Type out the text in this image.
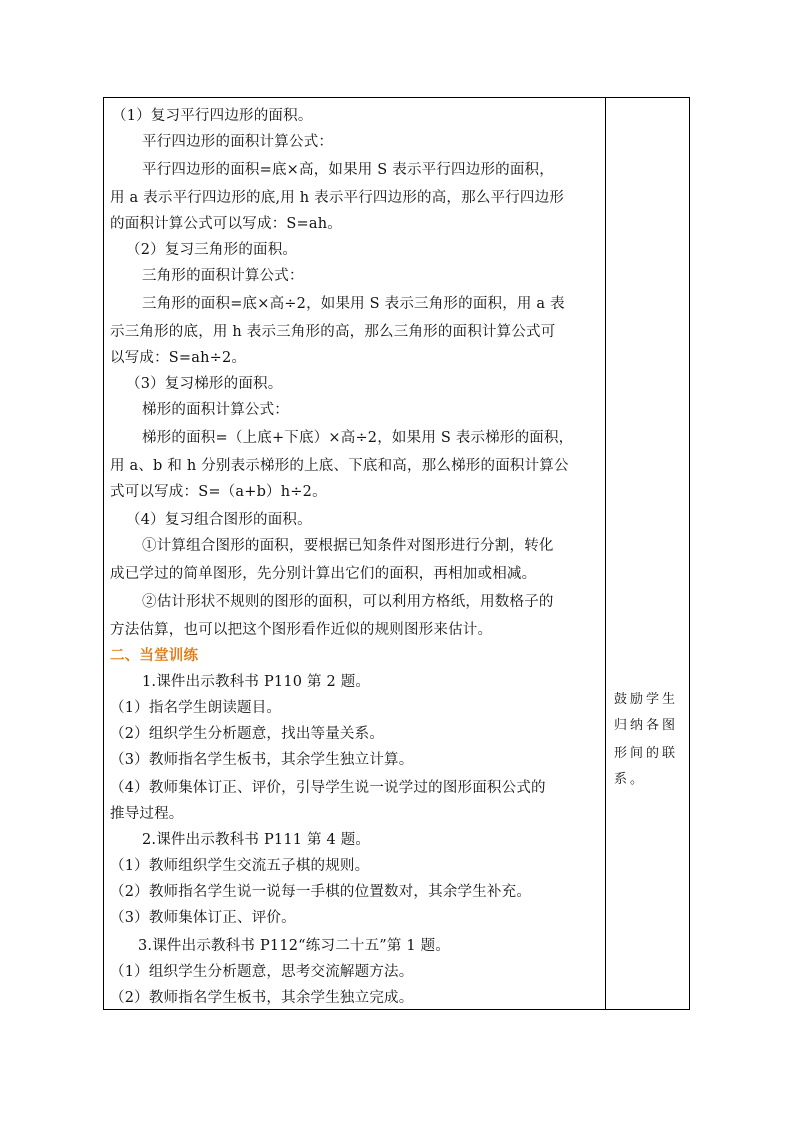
（1）复习平行四边形的面积。
平行四边形的面积计算公式：
平行四边形的面积=底×高，如果用 S 表示平行四边形的面积，
用 a 表示平行四边形的底,用 h 表示平行四边形的高，那么平行四边形
的面积计算公式可以写成：S=ah。
（2）复习三角形的面积。
三角形的面积计算公式：
三角形的面积=底×高÷2，如果用 S 表示三角形的面积，用 a 表
示三角形的底，用 h 表示三角形的高，那么三角形的面积计算公式可
以写成：S=ah÷2。
（3）复习梯形的面积。
梯形的面积计算公式：
梯形的面积=（上底+下底）×高÷2，如果用 S 表示梯形的面积，
用 a、b 和 h 分别表示梯形的上底、下底和高，那么梯形的面积计算公
式可以写成：S=（a+b）h÷2。
（4）复习组合图形的面积。
①计算组合图形的面积，要根据已知条件对图形进行分割，转化
成已学过的简单图形，先分别计算出它们的面积，再相加或相减。
②估计形状不规则的图形的面积，可以利用方格纸，用数格子的
方法估算，也可以把这个图形看作近似的规则图形来估计。
1.课件出示教科书 P110 第 2 题。
（1）指名学生朗读题目。
（2）组织学生分析题意，找出等量关系。
（3）教师指名学生板书，其余学生独立计算。
（4）教师集体订正、评价，引导学生说一说学过的图形面积公式的
推导过程。
2.课件出示教科书 P111 第 4 题。
（1）教师组织学生交流五子棋的规则。
（2）教师指名学生说一说每一手棋的位置数对，其余学生补充。
（3）教师集体订正、评价。
3.课件出示教科书 P112“练习二十五”第 1 题。
（1）组织学生分析题意，思考交流解题方法。
（2）教师指名学生板书，其余学生独立完成。
二、当堂训练
鼓励学生
归纳各图
形间的联
系。
